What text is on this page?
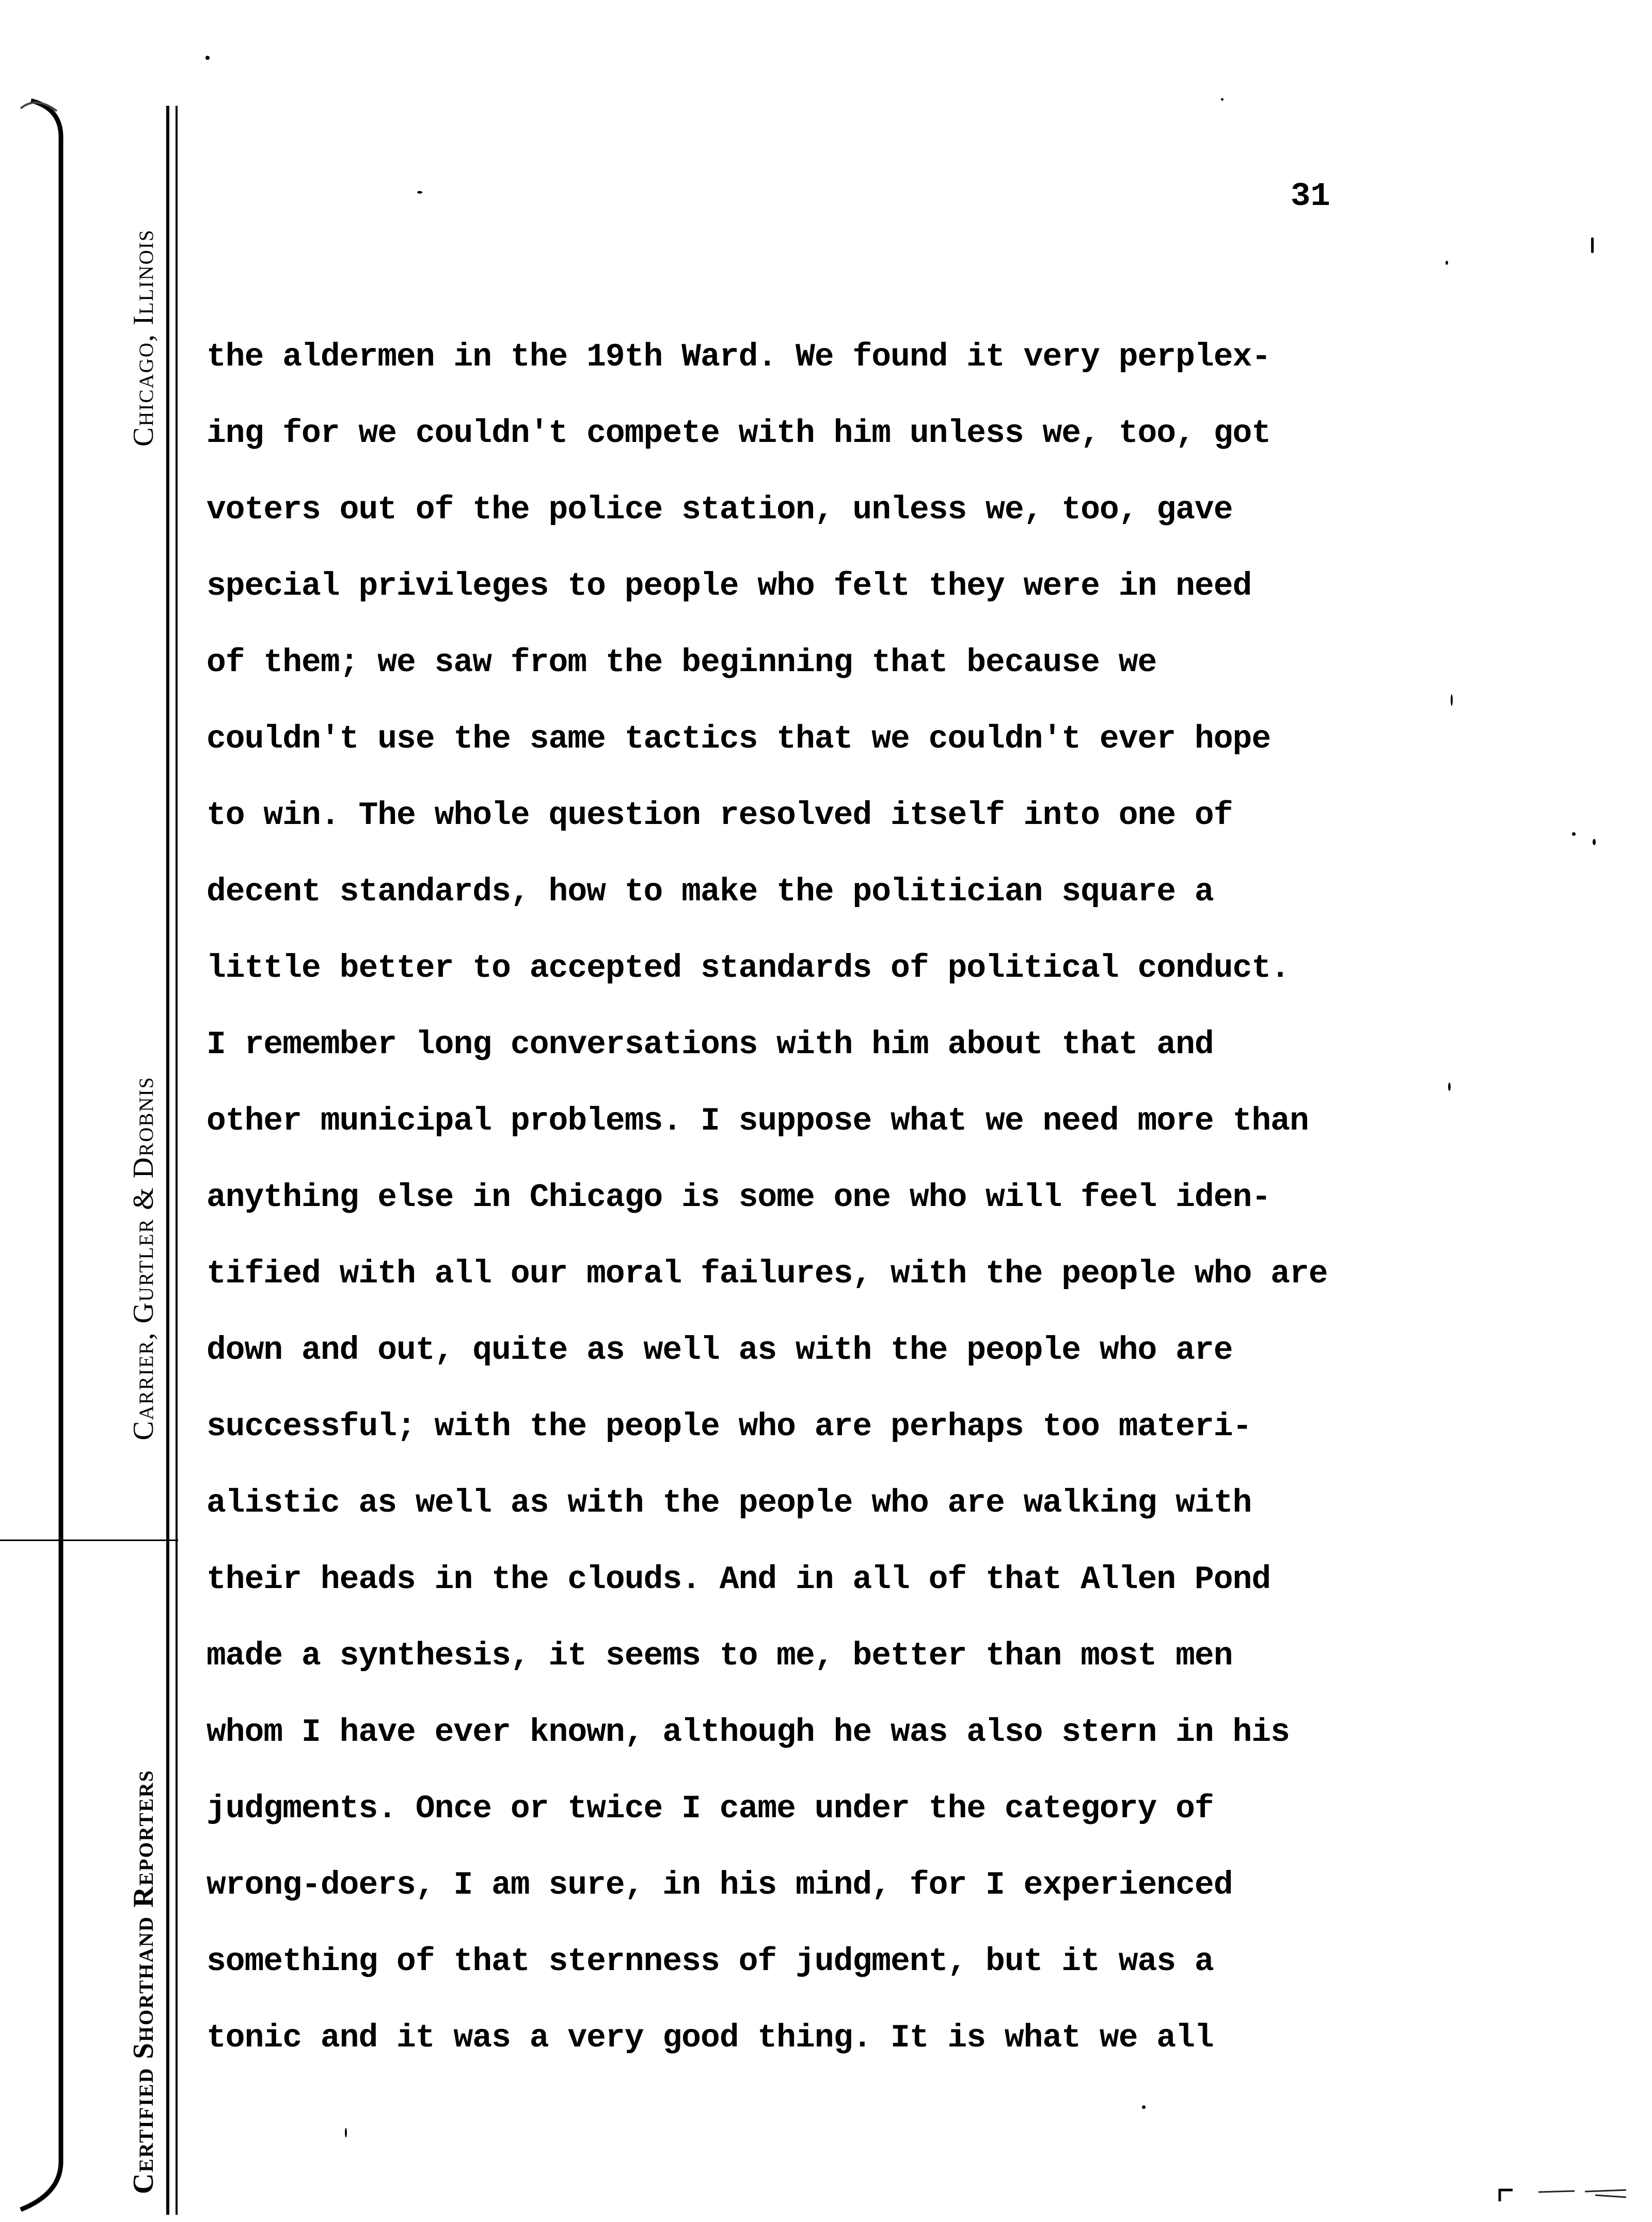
Chicago, Illinois
Carrier, Gurtler & Drobnis
Certified Shorthand Reporters
31
the aldermen in the 19th Ward. We found it very perplex-
ing for we couldn't compete with him unless we, too, got
voters out of the police station, unless we, too, gave
special privileges to people who felt they were in need
of them; we saw from the beginning that because we
couldn't use the same tactics that we couldn't ever hope
to win. The whole question resolved itself into one of
decent standards, how to make the politician square a
little better to accepted standards of political conduct.
I remember long conversations with him about that and
other municipal problems. I suppose what we need more than
anything else in Chicago is some one who will feel iden-
tified with all our moral failures, with the people who are
down and out, quite as well as with the people who are
successful; with the people who are perhaps too materi-
alistic as well as with the people who are walking with
their heads in the clouds. And in all of that Allen Pond
made a synthesis, it seems to me, better than most men
whom I have ever known, although he was also stern in his
judgments. Once or twice I came under the category of
wrong-doers, I am sure, in his mind, for I experienced
something of that sternness of judgment, but it was a
tonic and it was a very good thing. It is what we all
